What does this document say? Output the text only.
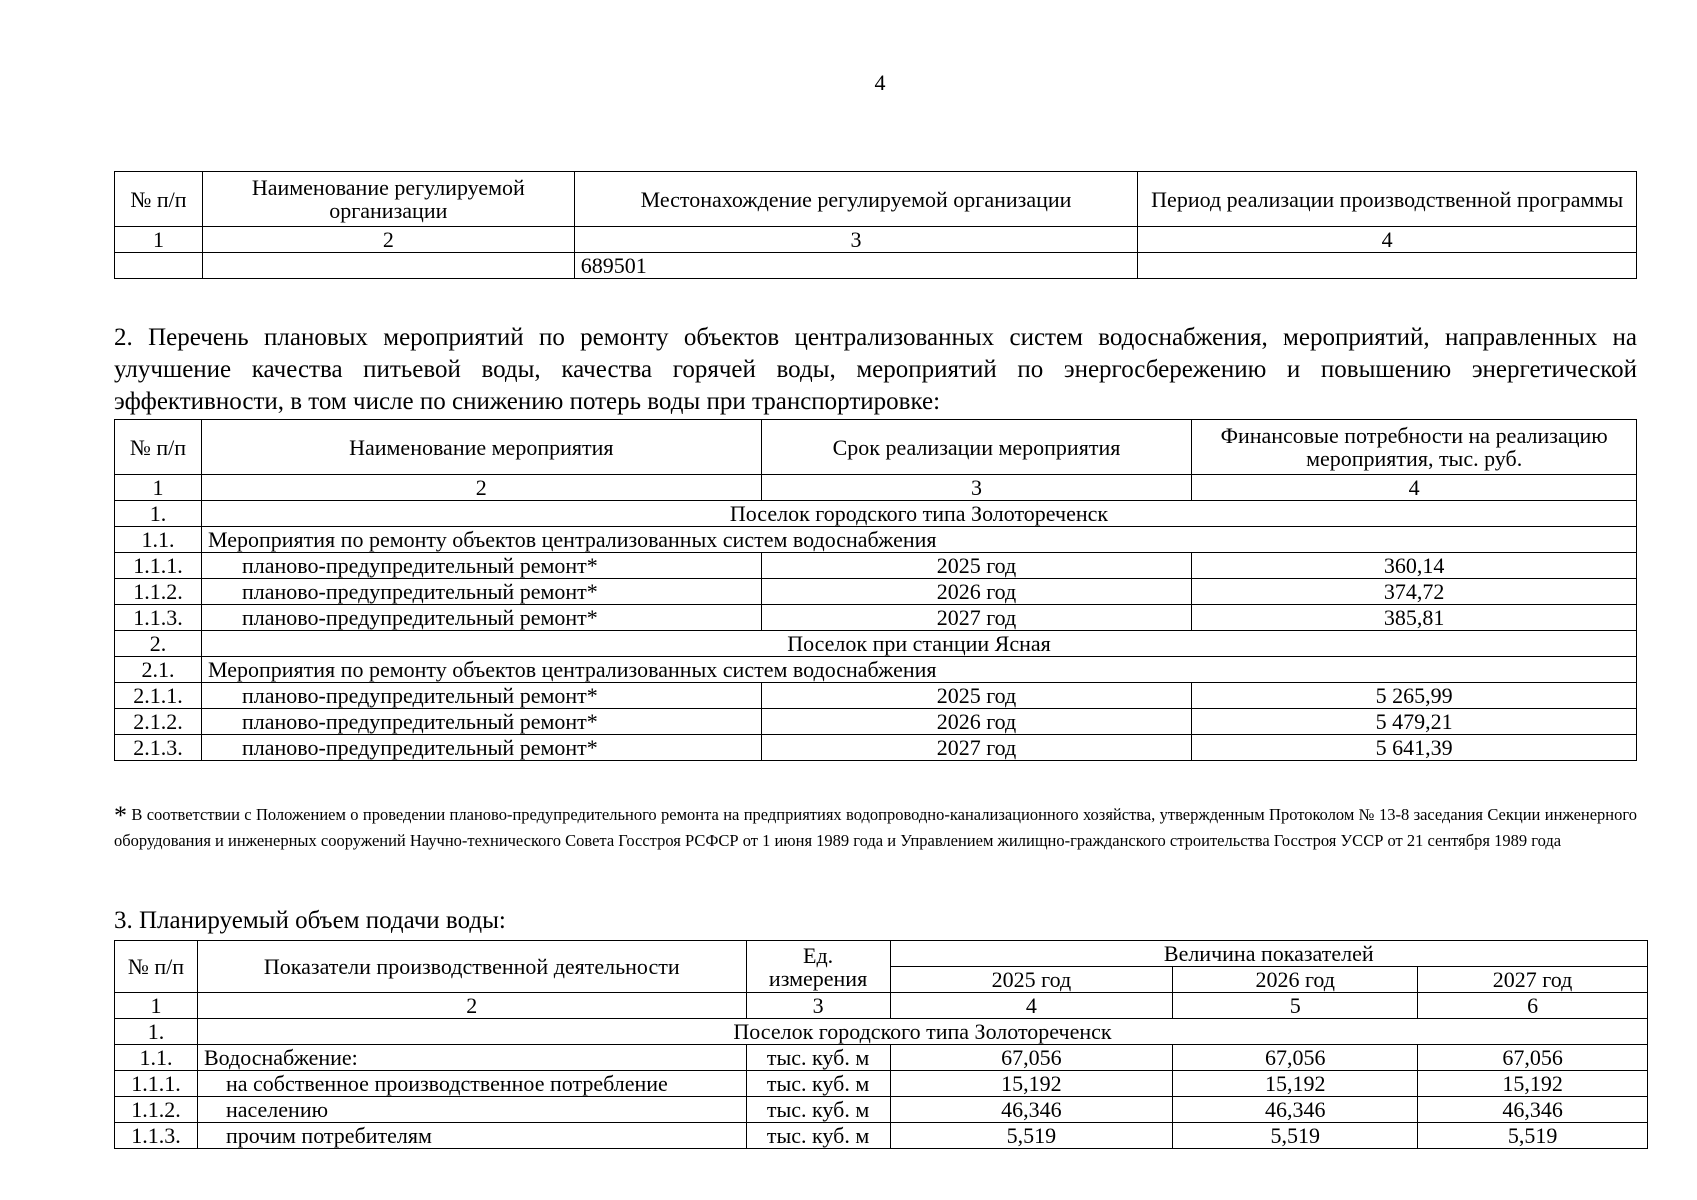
4
№ п/п	Наименование регулируемой организации	Местонахождение регулируемой организации	Период реализации производственной программы
1	2	3	4
		689501	
2. Перечень плановых мероприятий по ремонту объектов централизованных систем водоснабжения, мероприятий, направленных на улучшение качества питьевой воды, качества горячей воды, мероприятий по энергосбережению и повышению энергетической эффективности, в том числе по снижению потерь воды при транспортировке:
№ п/п	Наименование мероприятия	Срок реализации мероприятия	Финансовые потребности на реализацию мероприятия, тыс. руб.
1	2	3	4
1.	Поселок городского типа Золотореченск		
1.1.	Мероприятия по ремонту объектов централизованных систем водоснабжения		
1.1.1.	планово-предупредительный ремонт*	2025 год	360,14
1.1.2.	планово-предупредительный ремонт*	2026 год	374,72
1.1.3.	планово-предупредительный ремонт*	2027 год	385,81
2.	Поселок при станции Ясная		
2.1.	Мероприятия по ремонту объектов централизованных систем водоснабжения		
2.1.1.	планово-предупредительный ремонт*	2025 год	5 265,99
2.1.2.	планово-предупредительный ремонт*	2026 год	5 479,21
2.1.3.	планово-предупредительный ремонт*	2027 год	5 641,39
* В соответствии с Положением о проведении планово-предупредительного ремонта на предприятиях водопроводно-канализационного хозяйства, утвержденным Протоколом № 13-8 заседания Секции инженерного оборудования и инженерных сооружений Научно-технического Совета Госстроя РСФСР от 1 июня 1989 года и Управлением жилищно-гражданского строительства Госстроя УССР от 21 сентября 1989 года
3. Планируемый объем подачи воды:
№ п/п	Показатели производственной деятельности	Ед. измерения	Величина показателей		
			2025 год	2026 год	2027 год
1	2	3	4	5	6
1.	Поселок городского типа Золотореченск				
1.1.	Водоснабжение:	тыс. куб. м	67,056	67,056	67,056
1.1.1.	на собственное производственное потребление	тыс. куб. м	15,192	15,192	15,192
1.1.2.	населению	тыс. куб. м	46,346	46,346	46,346
1.1.3.	прочим потребителям	тыс. куб. м	5,519	5,519	5,519
